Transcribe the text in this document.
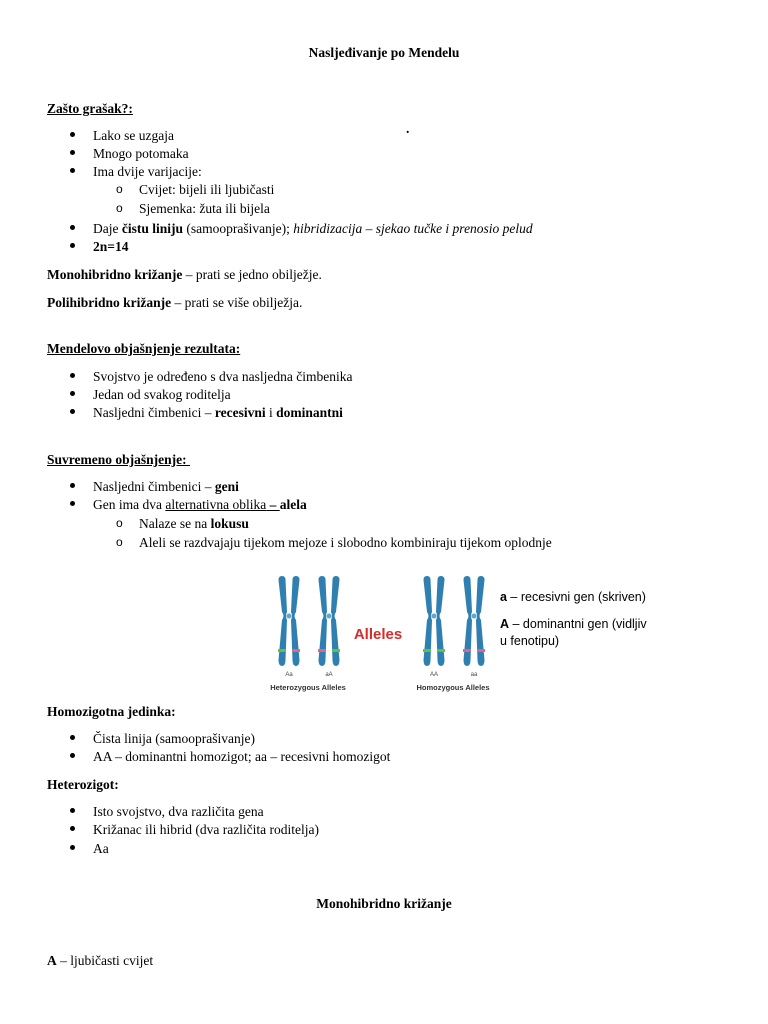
Nasljeđivanje po Mendelu
.
Zašto grašak?:
Lako se uzgaja
Mnogo potomaka
Ima dvije varijacije:
o Cvijet: bijeli ili ljubičasti
o Sjemenka: žuta ili bijela
Daje čistu liniju (samooprašivanje); hibridizacija – sjekao tučke i prenosio pelud
2n=14
Monohibridno križanje – prati se jedno obilježje.
Polihibridno križanje – prati se više obilježja.
Mendelovo objašnjenje rezultata:
Svojstvo je određeno s dva nasljedna čimbenika
Jedan od svakog roditelja
Nasljedni čimbenici – recesivni i dominantni
Suvremeno objašnjenje:
Nasljedni čimbenici – geni
Gen ima dva alternativna oblika – alela
o Nalaze se na lokusu
o Aleli se razdvajaju tijekom mejoze i slobodno kombiniraju tijekom oplodnje
Alleles
Aa	aA	AA	aa
Heterozygous Alleles	Homozygous Alleles
a – recesivni gen (skriven)
A – dominantni gen (vidljiv
u fenotipu)
Homozigotna jedinka:
Čista linija (samooprašivanje)
AA – dominantni homozigot; aa – recesivni homozigot
Heterozigot:
Isto svojstvo, dva različita gena
Križanac ili hibrid (dva različita roditelja)
Aa
Monohibridno križanje
A – ljubičasti cvijet
